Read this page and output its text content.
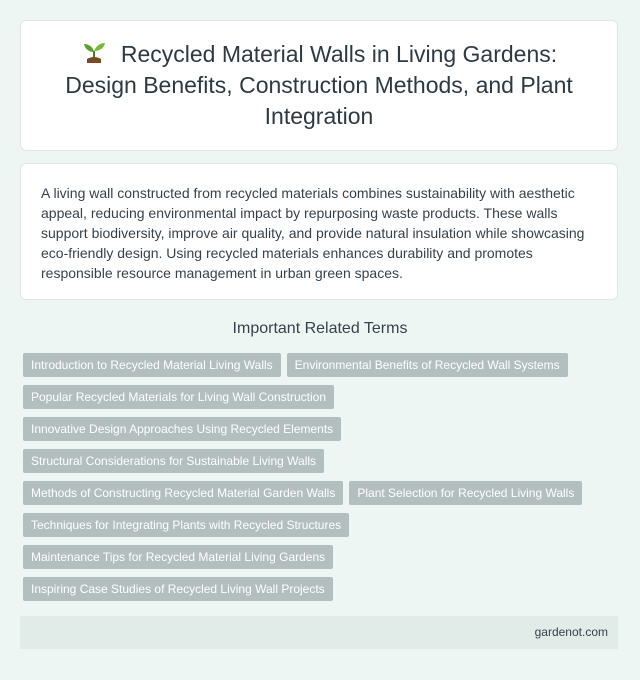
Recycled Material Walls in Living Gardens: Design Benefits, Construction Methods, and Plant Integration

A living wall constructed from recycled materials combines sustainability with aesthetic appeal, reducing environmental impact by repurposing waste products. These walls support biodiversity, improve air quality, and provide natural insulation while showcasing eco-friendly design. Using recycled materials enhances durability and promotes responsible resource management in urban green spaces.

Important Related Terms
Introduction to Recycled Material Living Walls	Environmental Benefits of Recycled Wall Systems
Popular Recycled Materials for Living Wall Construction
Innovative Design Approaches Using Recycled Elements
Structural Considerations for Sustainable Living Walls
Methods of Constructing Recycled Material Garden Walls	Plant Selection for Recycled Living Walls
Techniques for Integrating Plants with Recycled Structures
Maintenance Tips for Recycled Material Living Gardens
Inspiring Case Studies of Recycled Living Wall Projects
gardenot.com
